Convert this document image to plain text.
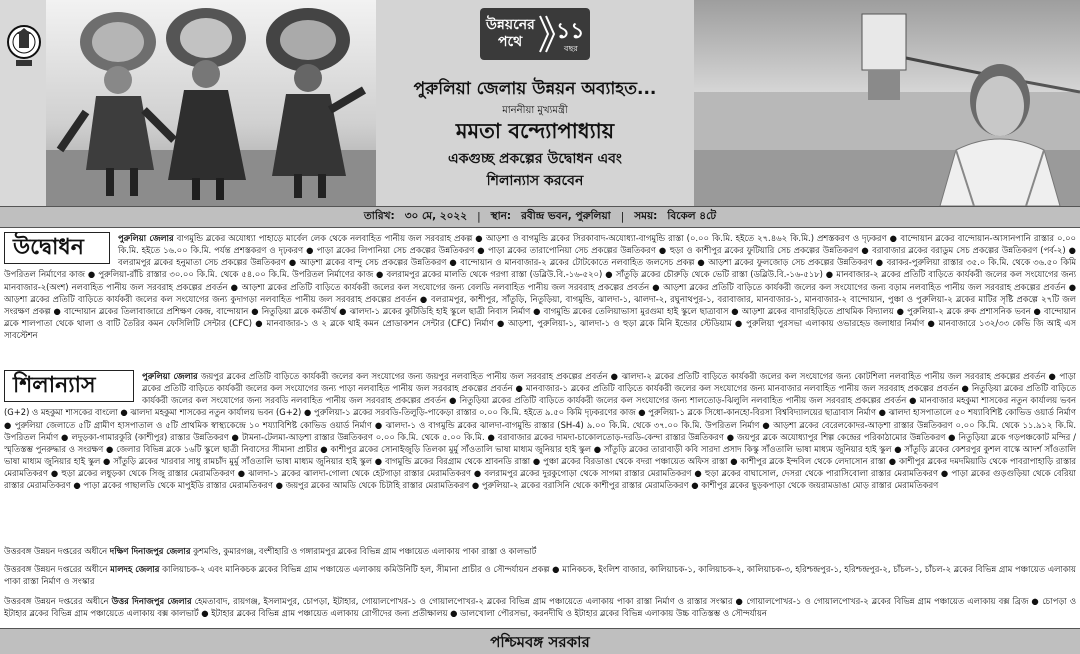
উন্নয়নের
পথে ১১
বছর
পুরুলিয়া জেলায় উন্নয়ন অব্যাহত...
মাননীয়া মুখ্যমন্ত্রী
মমতা বন্দ্যোপাধ্যায়
একগুচ্ছ প্রকল্পের উদ্বোধন এবং
শিলান্যাস করবেন
তারিখ: ৩০ মে, ২০২২ | স্থান: রবীন্দ্র ভবন, পুরুলিয়া | সময়: বিকেল ৪টে
উদ্বোধন	পুরুলিয়া জেলার বাগমুন্ডি ব্লকের অযোধ্যা পাহাড়ে মার্বেল লেক থেকে নলবাহিত পানীয় জল সরবরাহ প্রকল্প ● আড়শা ও বাগমুন্ডি ব্লকের সিরকাবাদ-অযোধ্যা-বাগমুন্ডি রাস্তা (০.০০ কি.মি. হইতে ২৭.৪৬২ কি.মি.) প্রশস্তকরণ ও দৃঢ়করণ ● বান্দোয়ান ব্লকের বান্দোয়ান-আসানপানি রাস্তার ০.০০ কি.মি. হইতে ১৬.০০ কি.মি. পর্যন্ত প্রশস্তকরণ ও দৃঢ়করণ ● পাড়া ব্লকের লিপানিয়া সেচ প্রকল্পের উন্নতিকরণ ● পাড়া ব্লকের তারাপোনিয়া সেচ প্রকল্পের উন্নতিকরণ ● হুড়া ও কাশীপুর ব্লকের ফুটিয়ারি সেচ প্রকল্পের উন্নতিকরণ ● বরাবাজার ব্লকের বরাডুম সেচ প্রকল্পের উন্নতিকরণ (পর্ব-২) ● বলরামপুর ব্লকের হনুমাতা সেচ প্রকল্পের উন্নতিকরণ ● আড়শা ব্লকের বান্দু সেচ প্রকল্পের উন্নতিকরণ ● বান্দোয়ান ও মানবাজার-২ ব্লকের টোটকোতে নলবাহিত জলসেচ প্রকল্প ● আড়শা ব্লকের ফুলজোড় সেচ প্রকল্পের উন্নতিকরণ ● বরাকর-পুরুলিয়া রাস্তার ৩৫.০ কি.মি. থেকে ৩৬.৫০ কিমি উপরিতল নির্মাণের কাজ ● পুরুলিয়া-রাঁচি রাস্তার ৩০.০০ কি.মি. থেকে ৫৪.০০ কি.মি. উপরিতল নির্মাণের কাজ ● বলরামপুর ব্লকের মালতি থেকে গরগা রাস্তা (ডব্লিউ.বি.-১৬-৫২০) ● সাঁতুড়ি ব্লকের চৌরুড়ি থেকে ভেটি রাস্তা (ডব্লিউ.বি.-১৬-৫১৮) ● মানবাজার-২ ব্লকের প্রতিটি বাড়িতে কার্যকরী জলের কল সংযোগের জন্য মানবাজার-২(অংশ) নলবাহিত পানীয় জল সরবরাহ প্রকল্পের প্রবর্তন ● আড়শা ব্লকের প্রতিটি বাড়িতে কার্যকরী জলের কল সংযোগের জন্য বেলডি নলবাহিত পানীয় জল সরবরাহ প্রকল্পের প্রবর্তন ● আড়শা ব্লকের প্রতিটি বাড়িতে কার্যকরী জলের কল সংযোগের জন্য বড়াম নলবাহিত পানীয় জল সরবরাহ প্রকল্পের প্রবর্তন ● আড়শা ব্লকের প্রতিটি বাড়িতে কার্যকরী জলের কল সংযোগের জন্য কুদাগড়া নলবাহিত পানীয় জল সরবরাহ প্রকল্পের প্রবর্তন ● বলরামপুর, কাশীপুর, সাঁতুড়ি, নিতুড়িয়া, বাগমুন্ডি, ঝালদা-১, ঝালদা-২, রঘুনাথপুর-১, বরাবাজার, মানবাজার-১, মানবাজার-২ বান্দোয়ান, পুঞ্চা ও পুরুলিয়া-২ ব্লকের মাটির সৃষ্টি প্রকল্পে ২৭টি জল সংরক্ষণ প্রকল্প ● বান্দোয়ান ব্লকের তিলাবাজারে প্রশিক্ষণ কেন্দ্র, বান্দোয়ান ● নিতুড়িয়া ব্লকে কর্মতীর্থ ● ঝালদা-১ ব্লকের কুটিডিহি হাই স্কুলে ছাত্রী নিবাস নির্মাণ ● বাগমুন্ডি ব্লকের তেলিয়াভাসা মুরগুমা হাই স্কুলে ছাত্রাবাস ● আড়শা ব্লকের বাদারহিড়িতে প্রাথমিক বিদ্যালয় ● পুরুলিয়া-২ ব্লকে রুক প্রশাসনিক ভবন ● বান্দোয়ান ব্লকে শালপাতা থেকে থালা ও বাটি তৈরির কমন ফেসিলিটি সেন্টার (CFC) ● মানবাজার-১ ও ২ ব্লকে থাই কমন প্রোডাকশন সেন্টার (CFC) নির্মাণ ● আড়শা, পুরুলিয়া-১, ঝালদা-১ ও হুড়া ব্লকে মিনি ইন্ডোর স্টেডিয়াম ● পুরুলিয়া পুরসভা এলাকায় ওভারহেড জলাধার নির্মাণ ● মানবাজারে ১৩২/৩৩ কেভি জি আই এস সাবস্টেশন
শিলান্যাস	পুরুলিয়া জেলার জয়পুর ব্লকের প্রতিটি বাড়িতে কার্যকরী জলের কল সংযোগের জন্য জয়পুর নলবাহিত পানীয় জল সরবরাহ প্রকল্পের প্রবর্তন ● ঝালদা-২ ব্লকের প্রতিটি বাড়িতে কার্যকরী জলের কল সংযোগের জন্য কোটশিলা নলবাহিত পানীয় জল সরবরাহ প্রকল্পের প্রবর্তন ● পাড়া ব্লকের প্রতিটি বাড়িতে কার্যকরী জলের কল সংযোগের জন্য পাড়া নলবাহিত পানীয় জল সরবরাহ প্রকল্পের প্রবর্তন ● মানবাজার-১ ব্লকের প্রতিটি বাড়িতে কার্যকরী জলের কল সংযোগের জন্য মানবাজার নলবাহিত পানীয় জল সরবরাহ প্রকল্পের প্রবর্তন ● নিতুড়িয়া ব্লকের প্রতিটি বাড়িতে কার্যকরী জলের কল সংযোগের জন্য সরবডি নলবাহিত পানীয় জল সরবরাহ প্রকল্পের প্রবর্তন ● নিতুড়িয়া ব্লকের প্রতিটি বাড়িতে কার্যকরী জলের কল সংযোগের জন্য শালতোড়-ঝিলুলি নলবাহিত পানীয় জল সরবরাহ প্রকল্পের প্রবর্তন ● মানবাজার মহকুমা শাসকের নতুন কার্যালয় ভবন (G+2) ও মহকুমা শাসকের বাংলো ● ঝালদা মহকুমা শাসকের নতুন কার্যালয় ভবন (G+2) ● পুরুলিয়া-১ ব্লকের সরবডি-তিলুড়ি-পাকেড়া রাস্তার ০.০০ কি.মি. হইতে ৯.৫০ কিমি দৃঢ়করণের কাজ ● পুরুলিয়া-১ ব্লকে সিধো-কানহো-বিরসা বিশ্ববিদ্যালয়ের ছাত্রাবাস নির্মাণ ● ঝালদা হাসপাতালে ৫০ শয্যাবিশিষ্ট কোভিড ওয়ার্ড নির্মাণ ● পুরুলিয়া জেলাতে ৫টি গ্রামীণ হাসপাতাল ও ৫টি প্রাথমিক স্বাস্থ্যকেন্দ্রে ১০ শয্যাবিশিষ্ট কোভিড ওয়ার্ড নির্মাণ ● ঝালদা-১ ও বাগমুন্ডি ব্লকের ঝালদা-বাগমুন্ডি রাস্তার (SH-4) ৯.০০ কি.মি. থেকে ৩৭.০০ কি.মি. উপরিতল নির্মাণ ● আড়শা ব্লকের বেরেলকোদর-আড়শা রাস্তার উন্নতিকরণ ০.০০ কি.মি. থেকে ১১.৯১২ কি.মি. উপরিতল নির্মাণ ● লদুড়কা-গামারকুরি (কাশীপুর) রাস্তার উন্নতিকরণ ● টামনা-টেলমা-আড়শা রাস্তার উন্নতিকরণ ০.০০ কি.মি. থেকে ৫.০০ কি.মি. ● বরাবাজার ব্লকের দামদা-চাকোলতোড়-দরডি-কেন্দা রাস্তার উন্নতিকরণ ● জয়পুর ব্লকে অযোধ্যাপুর শিল্প কেন্দ্রের পরিকাঠামোর উন্নতিকরণ ● নিতুড়িয়া ব্লকে গড়পঞ্চকোট মন্দির / স্মৃতিস্তম্ভ পুনরুদ্ধার ও সংরক্ষণ ● জেলার বিভিন্ন ব্লকে ১৬টি স্কুলে ছাত্রী নিবাসের সীমানা প্রাচীর ● কাশীপুর ব্লকের সোনাইজুড়ি তিলকা মুর্মু সাঁওতালি ভাষা মাধ্যম জুনিয়ার হাই স্কুল ● সাঁতুড়ি ব্লকের তারাবাড়ী কবি সারদা প্রসাদ কিস্কু সাঁওতালি ভাষা মাধ্যম জুনিয়ার হাই স্কুল ● সাঁতুড়ি ব্লকের কেশরপুর কুশল বাস্কে আদর্শ সাঁওতালি ভাষা মাধ্যম জুনিয়ার হাই স্কুল ● সাঁতুড়ি ব্লকের খারবার সাধু রামচাঁদ মুর্মু সাঁওতালি ভাষা মাধ্যম জুনিয়ার হাই স্কুল ● বাগমুন্ডি ব্লকের বিরগ্রাম থেকে শ্রাবনডি রাস্তা ● পুঞ্চা ব্লকের বিরডাঙা থেকে বদরা পঞ্চায়েত অফিস রাস্তা ● কাশীপুর ব্লকে ইন্দবিল থেকে লেদাসোন রাস্তা ● কাশীপুর ব্লকের দমদমিয়াডি থেকে পাবরাপাহাড়ি রাস্তার মেরামতিকরণ ● হুড়া ব্লকের লধুড়কা থেকে সিজু রাস্তার মেরামতিকরণ ● ঝালদা-১ ব্লকের ঝালদা-গোলা থেকে হেটগাড়া রাস্তার মেরামতিকরণ ● বলরামপুর ব্লকের দুরকুগোড়া থেকে সাগমা রাস্তার মেরামতিকরণ ● হুড়া ব্লকের বাঘাসোল, দেসরা থেকে পারাসিবোলা রাস্তার মেরামতিকরণ ● পাড়া ব্লকের গুড়গুড়িয়া থেকে বেরিয়া রাস্তার মেরামতিকরণ ● পাড়া ব্লকের গাছালডি থেকে মাপুইডি রাস্তার মেরামতিকরণ ● জয়পুর ব্লকের আমডি থেকে চিটাহি রাস্তার মেরামতিকরণ ● পুরুলিয়া-২ ব্লকের বরাসিনি থেকে কাশীপুর রাস্তার মেরামতিকরণ ● কাশীপুর ব্লকের ছুড়কপাড়া থেকে জয়রামডাঙা মোড় রাস্তার মেরামতিকরণ
উত্তরবঙ্গ উন্নয়ন দপ্তরের অধীনে দক্ষিণ দিনাজপুর জেলার কুশমণ্ডি, কুমারগঞ্জ, বংশীহারি ও গঙ্গারামপুর ব্লকের বিভিন্ন গ্রাম পঞ্চায়েত এলাকায় পাকা রাস্তা ও কালভার্ট
উত্তরবঙ্গ উন্নয়ন দপ্তরের অধীনে মালদহ জেলার কালিয়াচক-২ এবং মানিকচক ব্লকের বিভিন্ন গ্রাম পঞ্চায়েত এলাকায় কমিউনিটি হল, সীমানা প্রাচীর ও সৌন্দর্যায়ন প্রকল্প ● মানিকচক, ইংলিশ বাজার, কালিয়াচক-১, কালিয়াচক-২, কালিয়াচক-৩, হরিশ্চন্দ্রপুর-১, হরিশ্চন্দ্রপুর-২, চাঁচল-১, চাঁচল-২ ব্লকের বিভিন্ন গ্রাম পঞ্চায়েত এলাকায় পাকা রাস্তা নির্মাণ ও সংস্কার
উত্তরবঙ্গ উন্নয়ন দপ্তরের অধীনে উত্তর দিনাজপুর জেলার হেমতাবাদ, রায়গঞ্জ, ইসলামপুর, চোপড়া, ইটাহার, গোয়ালপোখর-১ ও গোয়ালপোখর-২ ব্লকের বিভিন্ন গ্রাম পঞ্চায়েতে এলাকায় পাকা রাস্তা নির্মাণ ও রাস্তার সংস্কার ● গোয়ালপোখর-১ ও গোয়ালপোখর-২ ব্লকের বিভিন্ন গ্রাম পঞ্চায়েত এলাকায় বক্স ব্রিজ ● চোপড়া ও ইটাহার ব্লকের বিভিন্ন গ্রাম পঞ্চায়েতে এলাকায় বক্স কালভার্ট ● ইটাহার ব্লকের বিভিন্ন গ্রাম পঞ্চায়েত এলাকায় রোগীদের জন্য প্রতীক্ষালয় ● ডালখোলা পৌরসভা, করনদীঘি ও ইটাহার ব্লকের বিভিন্ন এলাকায় উচ্চ বাতিস্তম্ভ ও সৌন্দর্যায়ন
পশ্চিমবঙ্গ সরকার
